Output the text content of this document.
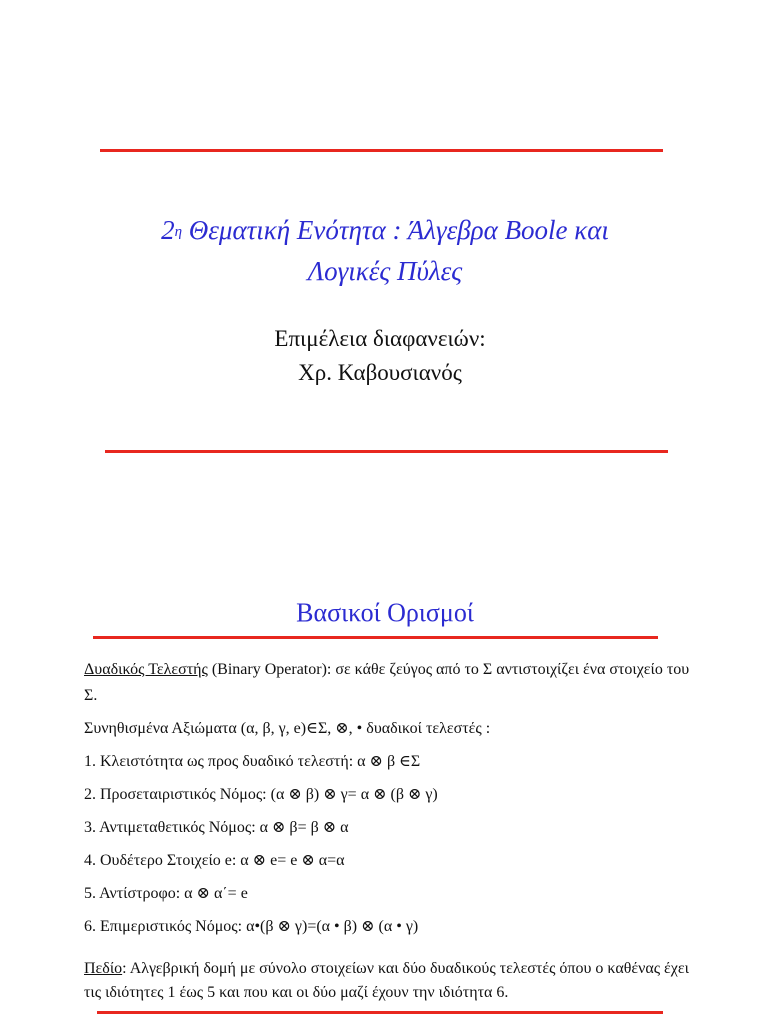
$2^\eta$ Θεματική Ενότητα : Άλγεβρα Boole και
Λογικές Πύλες
Επιμέλεια διαφανειών:
Χρ. Καβουσιανός
Βασικοί Ορισμοί
Δυαδικός Τελεστής (Binary Operator): σε κάθε ζεύγος από το Σ αντιστοιχίζει ένα στοιχείο του Σ.
Συνηθισμένα Αξιώματα (α, β, γ, e)∈Σ, ⊗, • δυαδικοί τελεστές :
1. Κλειστότητα ως προς δυαδικό τελεστή: α ⊗ β ∈Σ
2. Προσεταιριστικός Νόμος: (α ⊗ β) ⊗ γ= α ⊗ (β ⊗ γ)
3. Αντιμεταθετικός Νόμος: α ⊗ β= β ⊗ α
4. Ουδέτερο Στοιχείο e: α ⊗ e= e ⊗ α=α
5. Αντίστροφο: α ⊗ α΄= e
6. Επιμεριστικός Νόμος: α•(β ⊗ γ)=(α • β) ⊗ (α • γ)
Πεδίο: Αλγεβρική δομή με σύνολο στοιχείων και δύο δυαδικούς τελεστές όπου ο καθένας έχει τις ιδιότητες 1 έως 5 και που και οι δύο μαζί έχουν την ιδιότητα 6.
